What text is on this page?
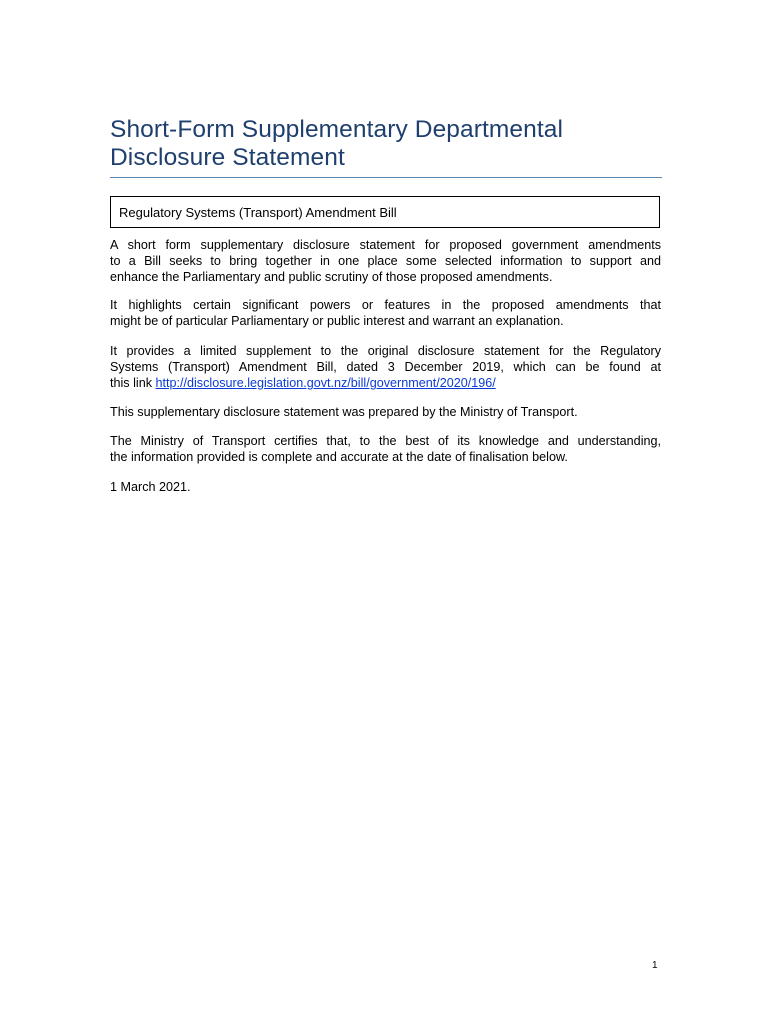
Short-Form Supplementary Departmental
Disclosure Statement
Regulatory Systems (Transport) Amendment Bill

A short form supplementary disclosure statement for proposed government amendments
to a Bill seeks to bring together in one place some selected information to support and
enhance the Parliamentary and public scrutiny of those proposed amendments.

It highlights certain significant powers or features in the proposed amendments that
might be of particular Parliamentary or public interest and warrant an explanation.

It provides a limited supplement to the original disclosure statement for the Regulatory
Systems (Transport) Amendment Bill, dated 3 December 2019, which can be found at
this link http://disclosure.legislation.govt.nz/bill/government/2020/196/

This supplementary disclosure statement was prepared by the Ministry of Transport.

The Ministry of Transport certifies that, to the best of its knowledge and understanding,
the information provided is complete and accurate at the date of finalisation below.

1 March 2021.

1
